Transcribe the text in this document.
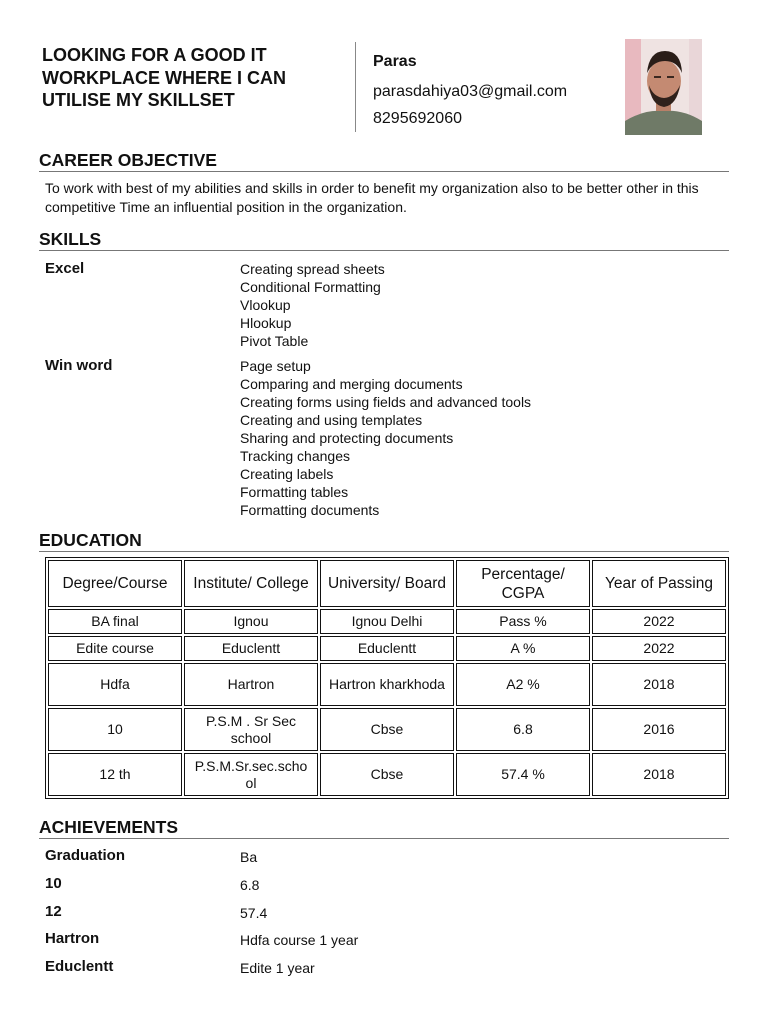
LOOKING FOR A GOOD IT WORKPLACE WHERE I CAN UTILISE MY SKILLSET
Paras
parasdahiya03@gmail.com
8295692060
CAREER OBJECTIVE
To work with best of my abilities and skills in order to benefit my organization also to be better other in this competitive Time an influential position in the organization.
SKILLS
Excel	Creating spread sheets
Conditional Formatting
Vlookup
Hlookup
Pivot Table
Win word	Page setup
Comparing and merging documents
Creating forms using fields and advanced tools
Creating and using templates
Sharing and protecting documents
Tracking changes
Creating labels
Formatting tables
Formatting documents
EDUCATION
Degree/Course	Institute/ College	University/ Board	Percentage/ CGPA	Year of Passing
BA final	Ignou	Ignou Delhi	Pass %	2022
Edite course	Educlentt	Educlentt	A %	2022
Hdfa	Hartron	Hartron kharkhoda	A2 %	2018
10	P.S.M . Sr Sec school	Cbse	6.8	2016
12 th	P.S.M.Sr.sec.scho ol	Cbse	57.4 %	2018
ACHIEVEMENTS
Graduation	Ba
10	6.8
12	57.4
Hartron	Hdfa course 1 year
Educlentt	Edite 1 year
